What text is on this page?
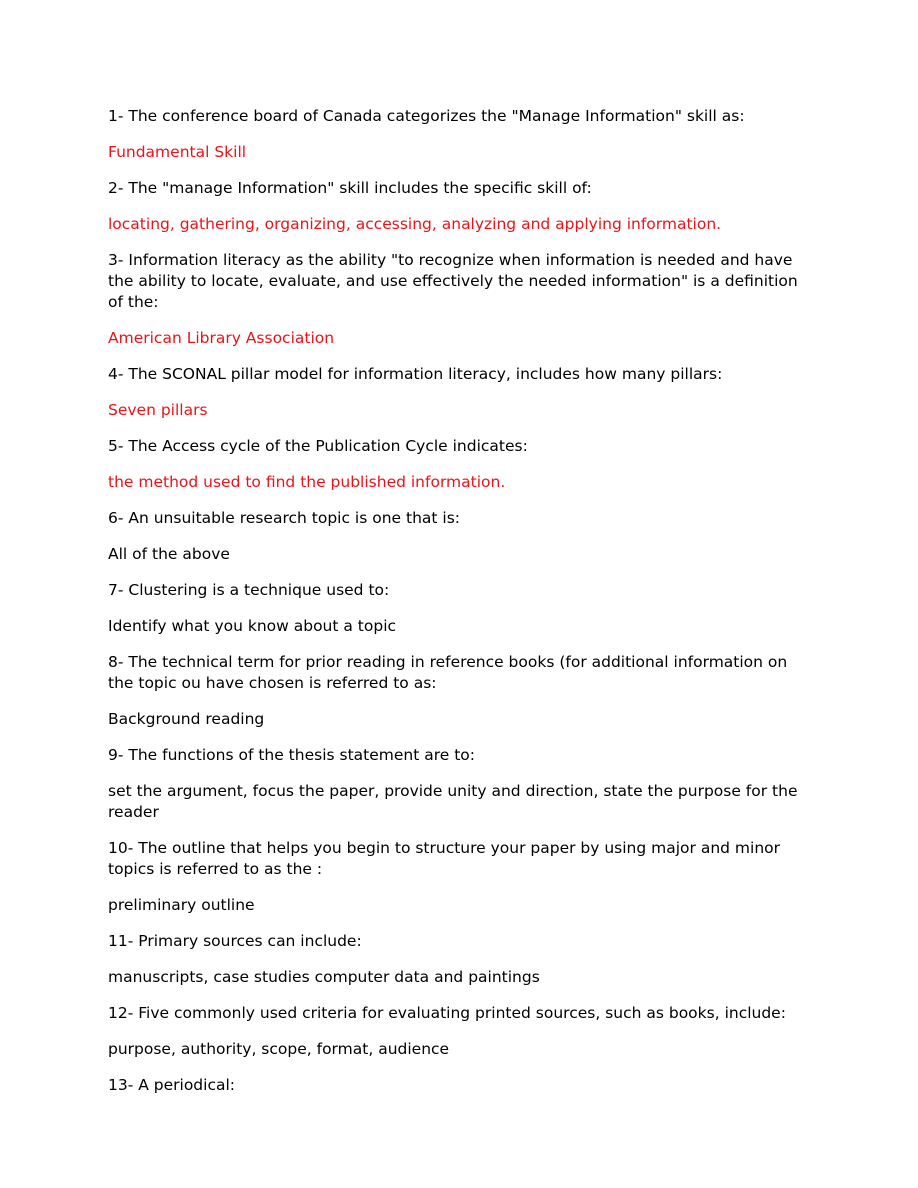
1- The conference board of Canada categorizes the "Manage Information" skill as:

Fundamental Skill

2- The "manage Information" skill includes the specific skill of:

locating, gathering, organizing, accessing, analyzing and applying information.

3- Information literacy as the ability "to recognize when information is needed and have the ability to locate, evaluate, and use effectively the needed information" is a definition of the:

American Library Association

4- The SCONAL pillar model for information literacy, includes how many pillars:

Seven pillars

5- The Access cycle of the Publication Cycle indicates:

the method used to find the published information.

6- An unsuitable research topic is one that is:

All of the above

7- Clustering is a technique used to:

Identify what you know about a topic

8- The technical term for prior reading in reference books (for additional information on the topic ou have chosen is referred to as:

Background reading

9- The functions of the thesis statement are to:

set the argument, focus the paper, provide unity and direction, state the purpose for the reader

10- The outline that helps you begin to structure your paper by using major and minor topics is referred to as the :

preliminary outline

11- Primary sources can include:

manuscripts, case studies computer data and paintings

12- Five commonly used criteria for evaluating printed sources, such as books, include:

purpose, authority, scope, format, audience

13- A periodical:
